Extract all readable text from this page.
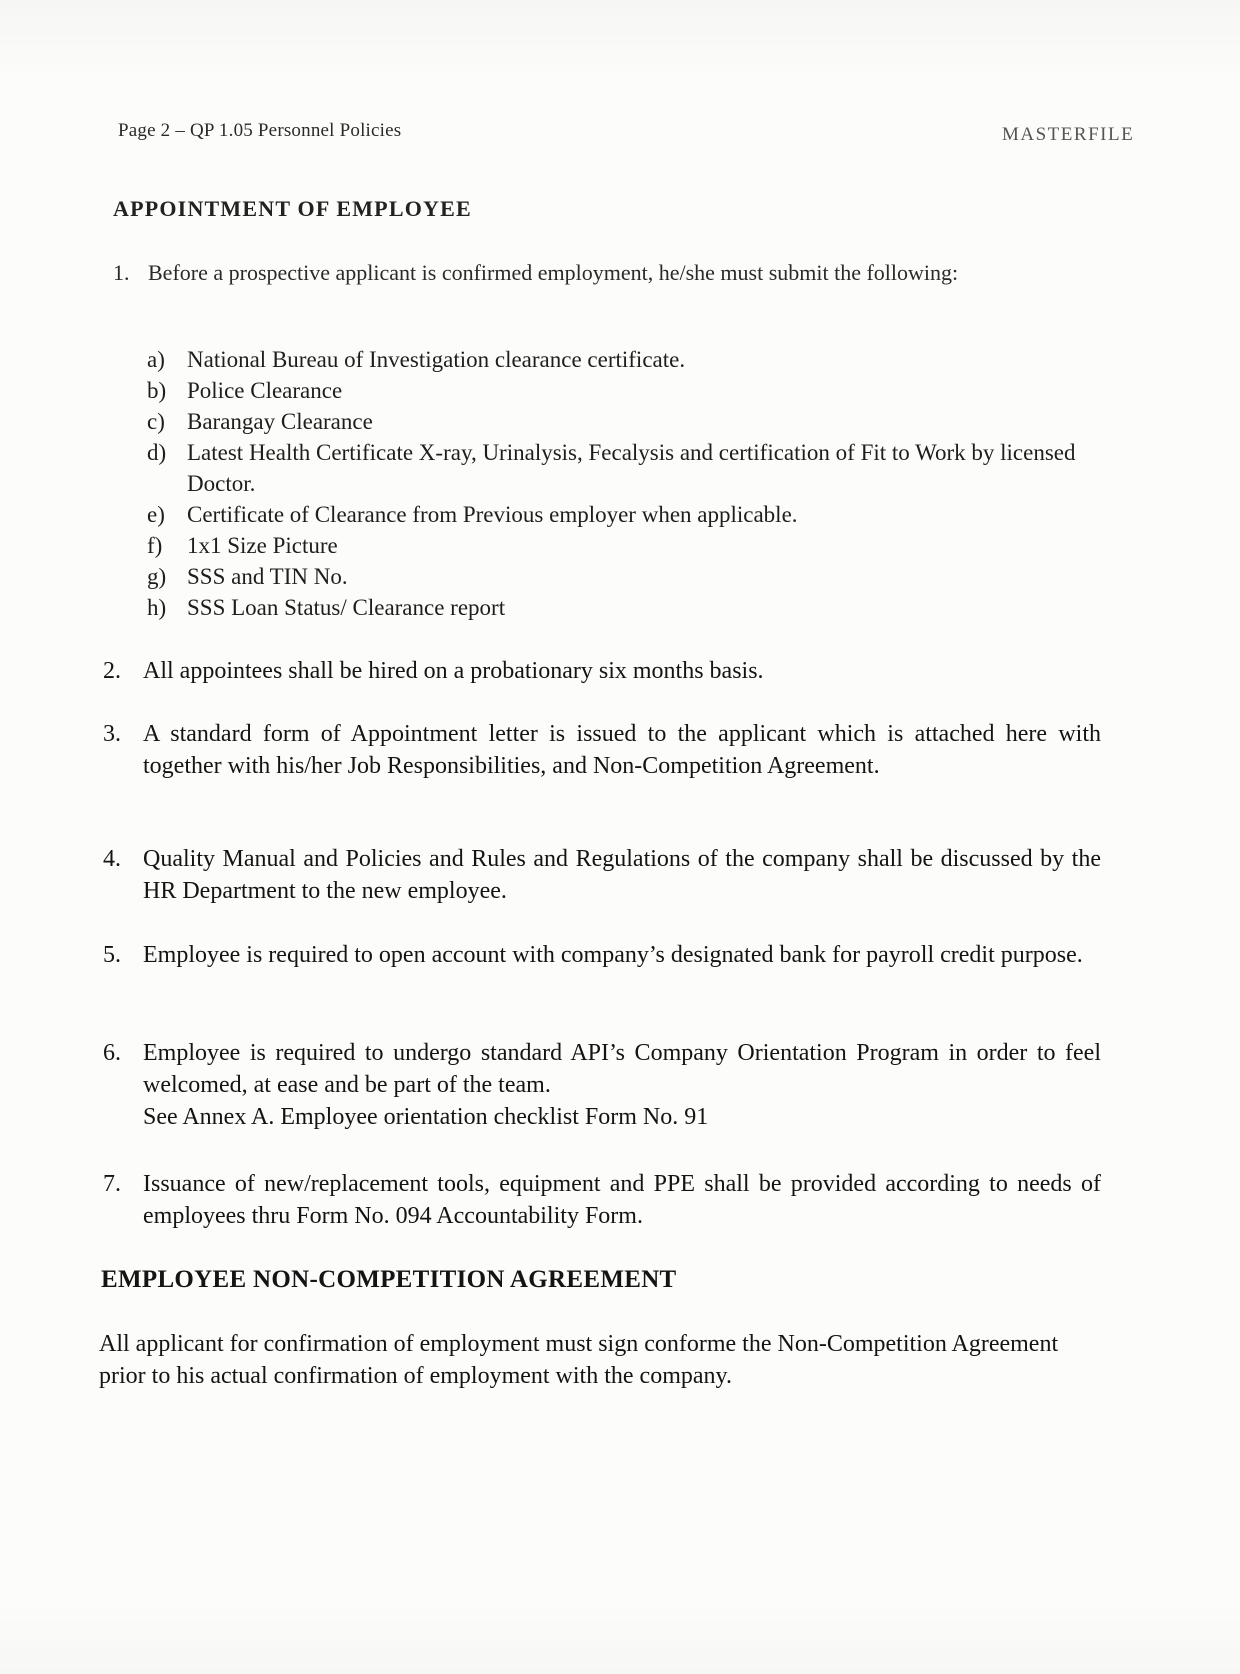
Page 2 – QP 1.05 Personnel Policies	MASTERFILE
APPOINTMENT OF EMPLOYEE
1. Before a prospective applicant is confirmed employment, he/she must submit the following:
a) National Bureau of Investigation clearance certificate.
b) Police Clearance
c) Barangay Clearance
d) Latest Health Certificate X-ray, Urinalysis, Fecalysis and certification of Fit to Work by licensed Doctor.
e) Certificate of Clearance from Previous employer when applicable.
f) 1x1 Size Picture
g) SSS and TIN No.
h) SSS Loan Status/ Clearance report
2. All appointees shall be hired on a probationary six months basis.
3. A standard form of Appointment letter is issued to the applicant which is attached here with together with his/her Job Responsibilities, and Non-Competition Agreement.
4. Quality Manual and Policies and Rules and Regulations of the company shall be discussed by the HR Department to the new employee.
5. Employee is required to open account with company’s designated bank for payroll credit purpose.
6. Employee is required to undergo standard API’s Company Orientation Program in order to feel welcomed, at ease and be part of the team.
See Annex A. Employee orientation checklist Form No. 91
7. Issuance of new/replacement tools, equipment and PPE shall be provided according to needs of employees thru Form No. 094 Accountability Form.
EMPLOYEE NON-COMPETITION AGREEMENT
All applicant for confirmation of employment must sign conforme the Non-Competition Agreement prior to his actual confirmation of employment with the company.
